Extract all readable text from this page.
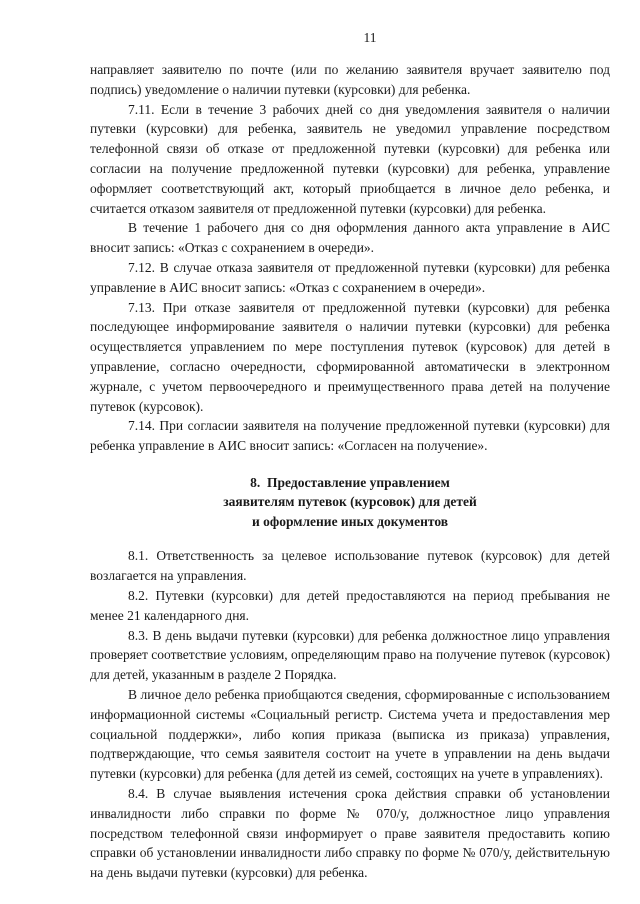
11

направляет заявителю по почте (или по желанию заявителя вручает заявителю под подпись) уведомление о наличии путевки (курсовки) для ребенка.

7.11. Если в течение 3 рабочих дней со дня уведомления заявителя о наличии путевки (курсовки) для ребенка, заявитель не уведомил управление посредством телефонной связи об отказе от предложенной путевки (курсовки) для ребенка или согласии на получение предложенной путевки (курсовки) для ребенка, управление оформляет соответствующий акт, который приобщается в личное дело ребенка, и считается отказом заявителя от предложенной путевки (курсовки) для ребенка.

В течение 1 рабочего дня со дня оформления данного акта управление в АИС вносит запись: «Отказ с сохранением в очереди».

7.12. В случае отказа заявителя от предложенной путевки (курсовки) для ребенка управление в АИС вносит запись: «Отказ с сохранением в очереди».

7.13. При отказе заявителя от предложенной путевки (курсовки) для ребенка последующее информирование заявителя о наличии путевки (курсовки) для ребенка осуществляется управлением по мере поступления путевок (курсовок) для детей в управление, согласно очередности, сформированной автоматически в электронном журнале, с учетом первоочередного и преимущественного права детей на получение путевок (курсовок).

7.14. При согласии заявителя на получение предложенной путевки (курсовки) для ребенка управление в АИС вносит запись: «Согласен на получение».

8.  Предоставление управлением
заявителям путевок (курсовок) для детей
и оформление иных документов

8.1. Ответственность за целевое использование путевок (курсовок) для детей возлагается на управления.

8.2. Путевки (курсовки) для детей предоставляются на период пребывания не менее 21 календарного дня.

8.3. В день выдачи путевки (курсовки) для ребенка должностное лицо управления проверяет соответствие условиям, определяющим право на получение путевок (курсовок) для детей, указанным в разделе 2 Порядка.

В личное дело ребенка приобщаются сведения, сформированные с использованием информационной системы «Социальный регистр. Система учета и предоставления мер социальной поддержки», либо копия приказа (выписка из приказа) управления, подтверждающие, что семья заявителя состоит на учете в управлении на день выдачи путевки (курсовки) для ребенка (для детей из семей, состоящих на учете в управлениях).

8.4. В случае выявления истечения срока действия справки об установлении инвалидности либо справки по форме № 070/у, должностное лицо управления посредством телефонной связи информирует о праве заявителя предоставить копию справки об установлении инвалидности либо справку по форме № 070/у, действительную на день выдачи путевки (курсовки) для ребенка.
